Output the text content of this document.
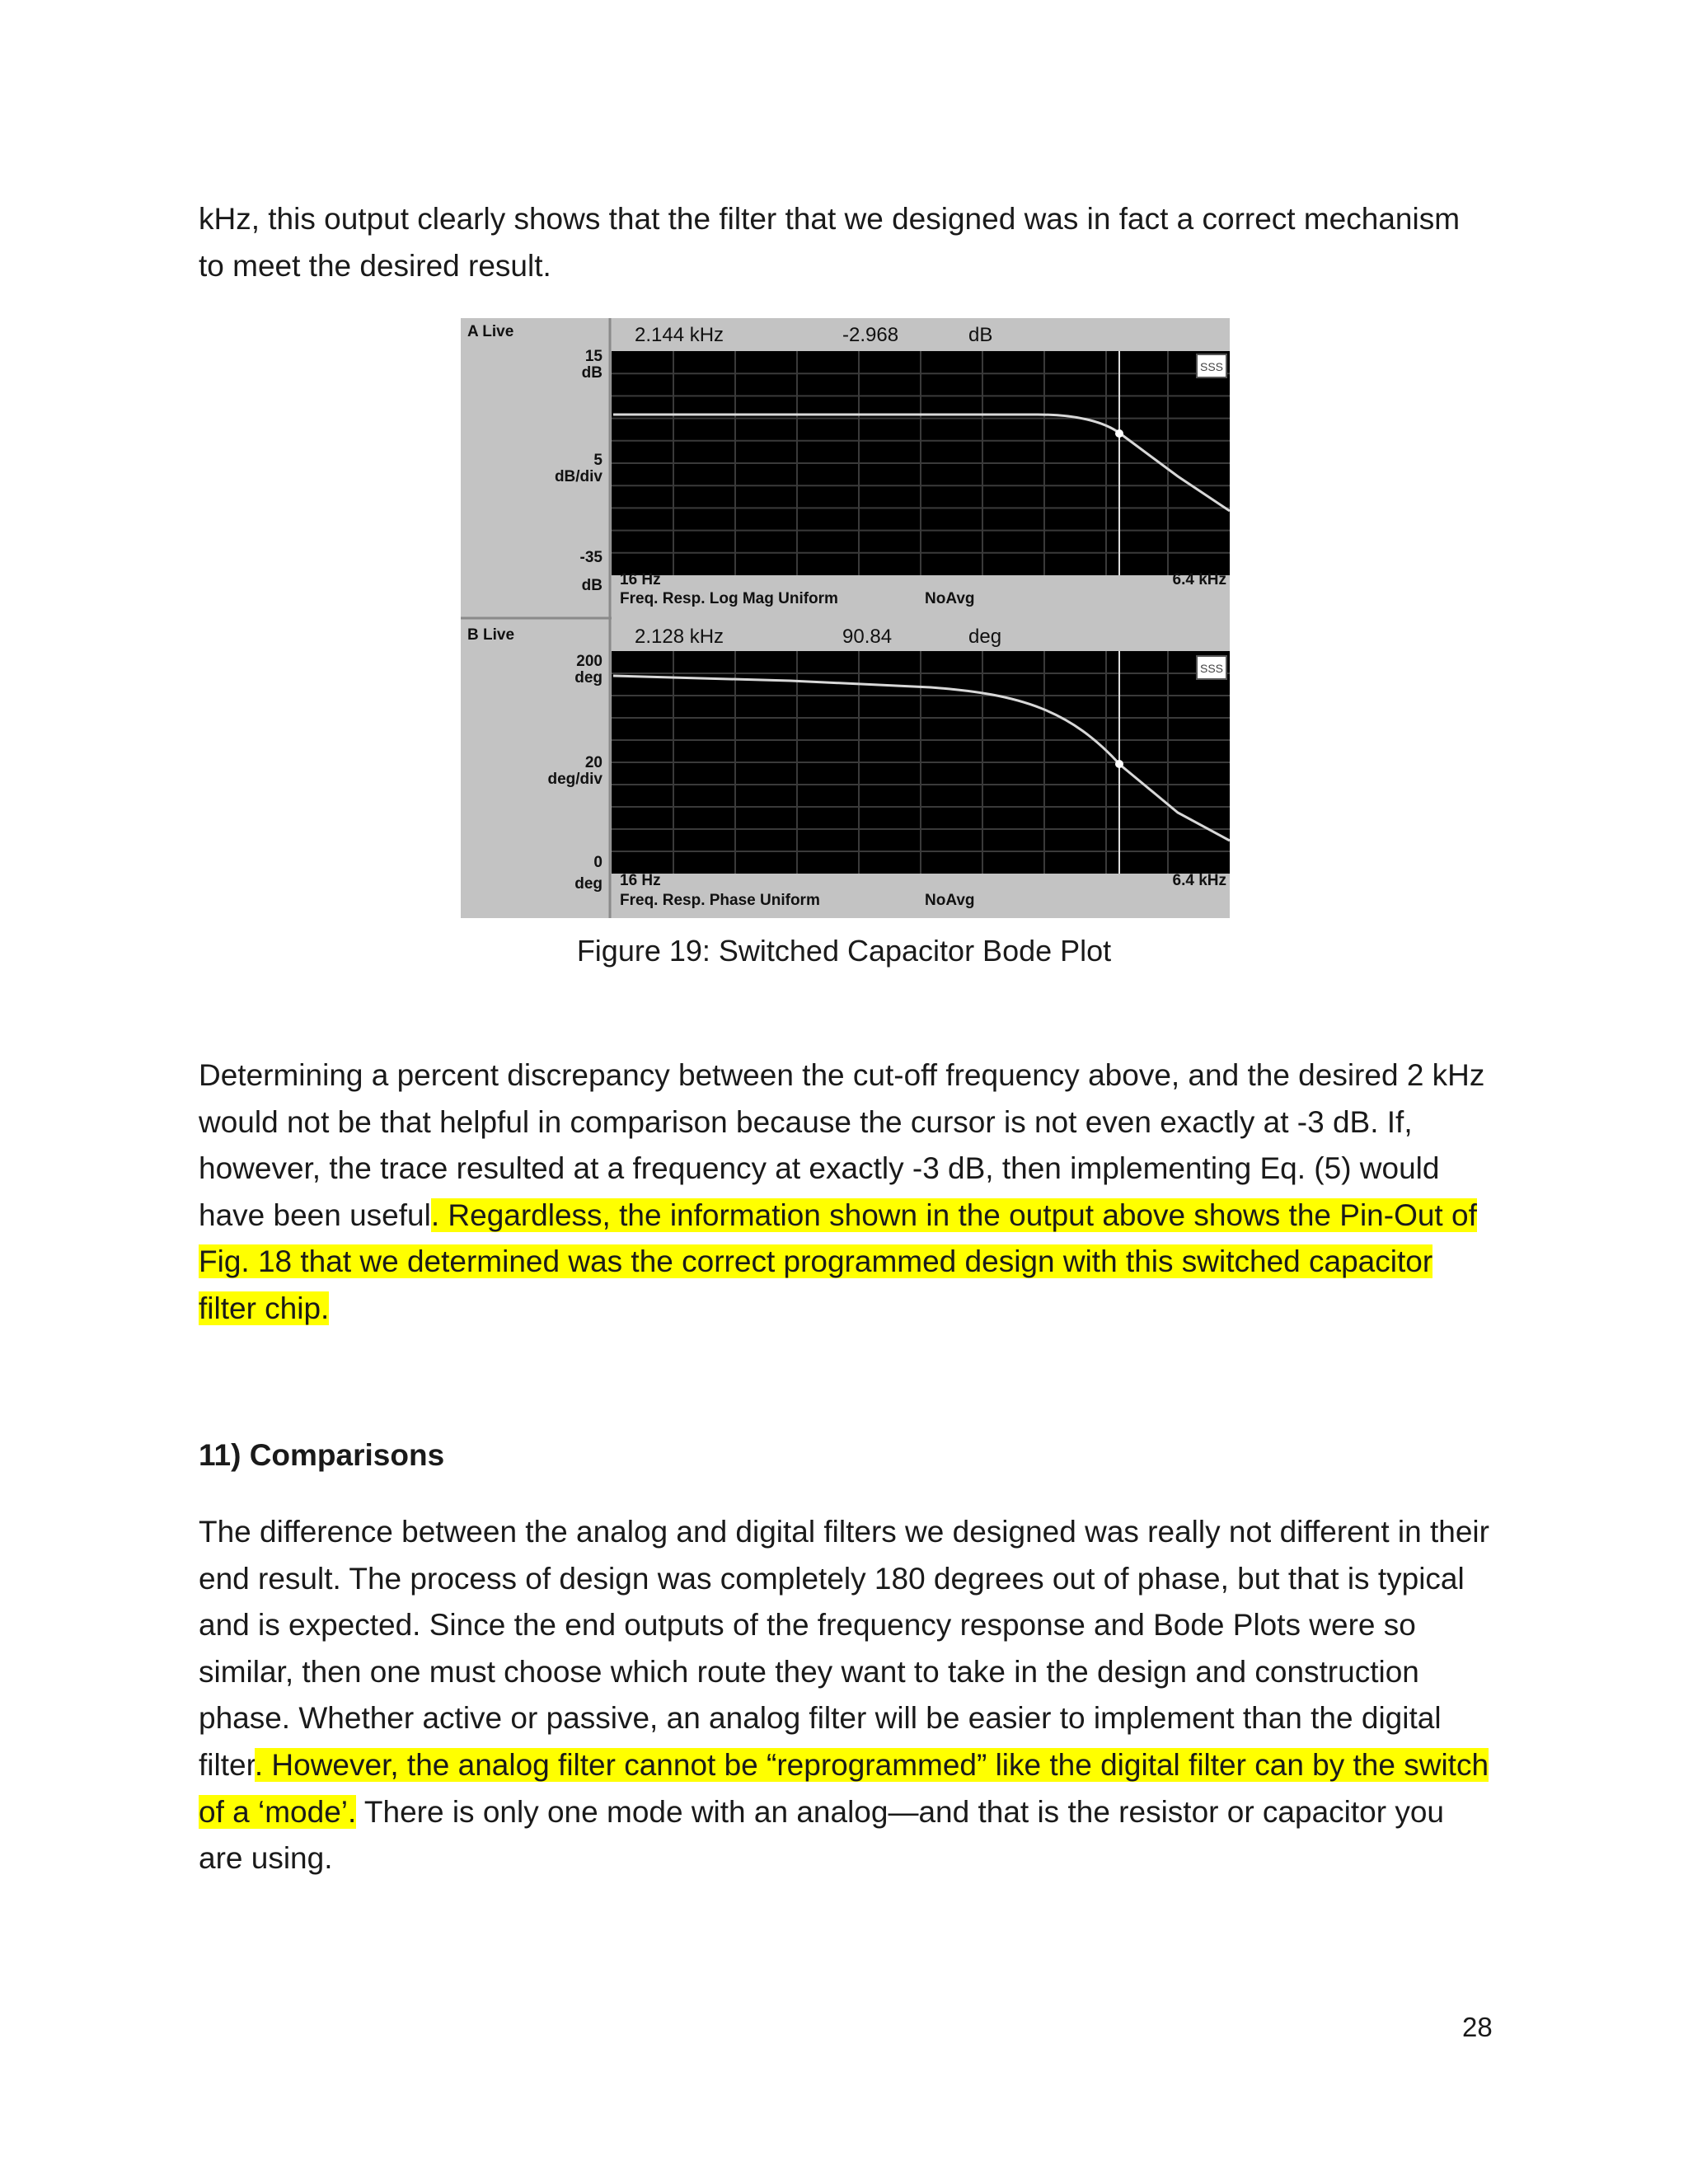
kHz, this output clearly shows that the filter that we designed was in fact a correct mechanism to meet the desired result.

A Live	2.144 kHz	-2.968	dB
SSS
15
dB
5
dB/div
-35
dB 16 Hz	6.4 kHz
Freq. Resp. Log Mag Uniform	NoAvg
B Live	2.128 kHz	90.84	deg
SSS
200
deg
20
deg/div
0
deg 16 Hz	6.4 kHz
Freq. Resp. Phase Uniform	NoAvg
Figure 19: Switched Capacitor Bode Plot

Determining a percent discrepancy between the cut-off frequency above, and the desired 2 kHz would not be that helpful in comparison because the cursor is not even exactly at -3 dB. If, however, the trace resulted at a frequency at exactly -3 dB, then implementing Eq. (5) would have been useful. Regardless, the information shown in the output above shows the Pin-Out of Fig. 18 that we determined was the correct programmed design with this switched capacitor filter chip.

11) Comparisons

The difference between the analog and digital filters we designed was really not different in their end result. The process of design was completely 180 degrees out of phase, but that is typical and is expected. Since the end outputs of the frequency response and Bode Plots were so similar, then one must choose which route they want to take in the design and construction phase. Whether active or passive, an analog filter will be easier to implement than the digital filter. However, the analog filter cannot be “reprogrammed” like the digital filter can by the switch of a ‘mode’. There is only one mode with an analog—and that is the resistor or capacitor you are using.

28
